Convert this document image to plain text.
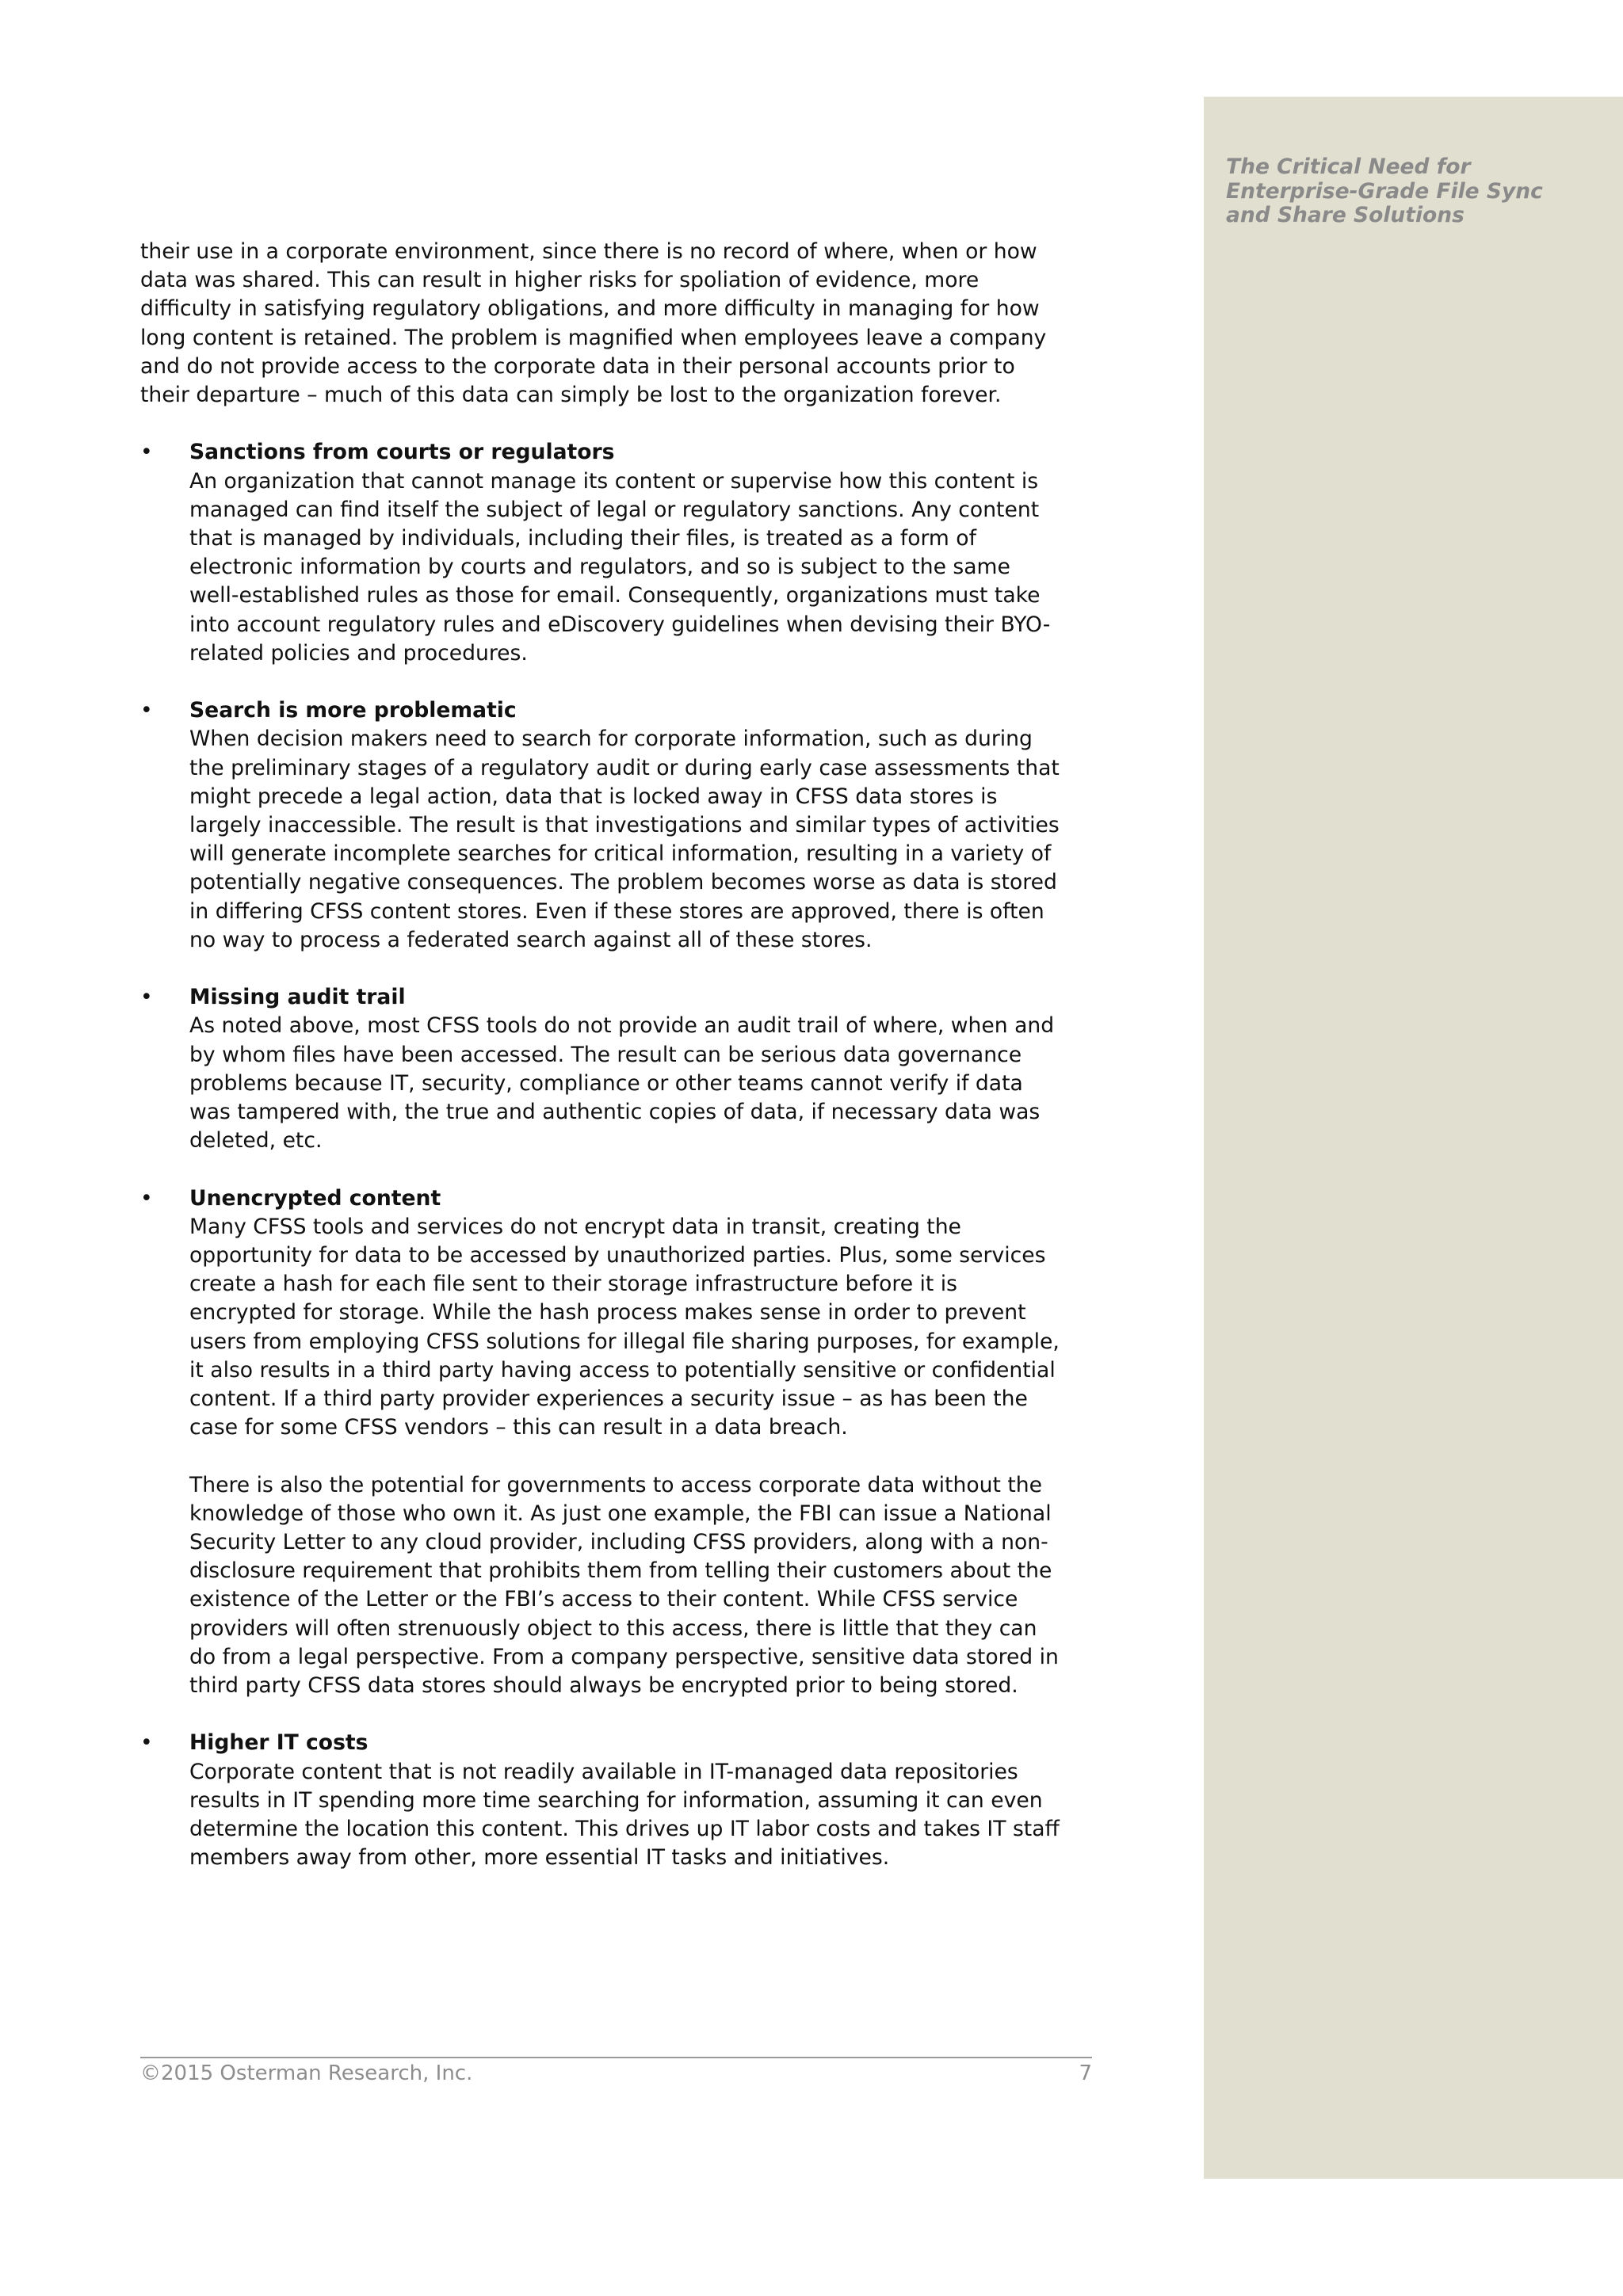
The Critical Need for Enterprise-Grade File Sync and Share Solutions

their use in a corporate environment, since there is no record of where, when or how data was shared. This can result in higher risks for spoliation of evidence, more difficulty in satisfying regulatory obligations, and more difficulty in managing for how long content is retained. The problem is magnified when employees leave a company and do not provide access to the corporate data in their personal accounts prior to their departure – much of this data can simply be lost to the organization forever.

• Sanctions from courts or regulators
An organization that cannot manage its content or supervise how this content is managed can find itself the subject of legal or regulatory sanctions. Any content that is managed by individuals, including their files, is treated as a form of electronic information by courts and regulators, and so is subject to the same well-established rules as those for email. Consequently, organizations must take into account regulatory rules and eDiscovery guidelines when devising their BYO-related policies and procedures.
• Search is more problematic
When decision makers need to search for corporate information, such as during the preliminary stages of a regulatory audit or during early case assessments that might precede a legal action, data that is locked away in CFSS data stores is largely inaccessible. The result is that investigations and similar types of activities will generate incomplete searches for critical information, resulting in a variety of potentially negative consequences. The problem becomes worse as data is stored in differing CFSS content stores. Even if these stores are approved, there is often no way to process a federated search against all of these stores.
• Missing audit trail
As noted above, most CFSS tools do not provide an audit trail of where, when and by whom files have been accessed. The result can be serious data governance problems because IT, security, compliance or other teams cannot verify if data was tampered with, the true and authentic copies of data, if necessary data was deleted, etc.
• Unencrypted content
Many CFSS tools and services do not encrypt data in transit, creating the opportunity for data to be accessed by unauthorized parties. Plus, some services create a hash for each file sent to their storage infrastructure before it is encrypted for storage. While the hash process makes sense in order to prevent users from employing CFSS solutions for illegal file sharing purposes, for example, it also results in a third party having access to potentially sensitive or confidential content. If a third party provider experiences a security issue – as has been the case for some CFSS vendors – this can result in a data breach.
There is also the potential for governments to access corporate data without the knowledge of those who own it. As just one example, the FBI can issue a National Security Letter to any cloud provider, including CFSS providers, along with a non-disclosure requirement that prohibits them from telling their customers about the existence of the Letter or the FBI’s access to their content. While CFSS service providers will often strenuously object to this access, there is little that they can do from a legal perspective. From a company perspective, sensitive data stored in third party CFSS data stores should always be encrypted prior to being stored.
• Higher IT costs
Corporate content that is not readily available in IT-managed data repositories results in IT spending more time searching for information, assuming it can even determine the location this content. This drives up IT labor costs and takes IT staff members away from other, more essential IT tasks and initiatives.
©2015 Osterman Research, Inc.	7
